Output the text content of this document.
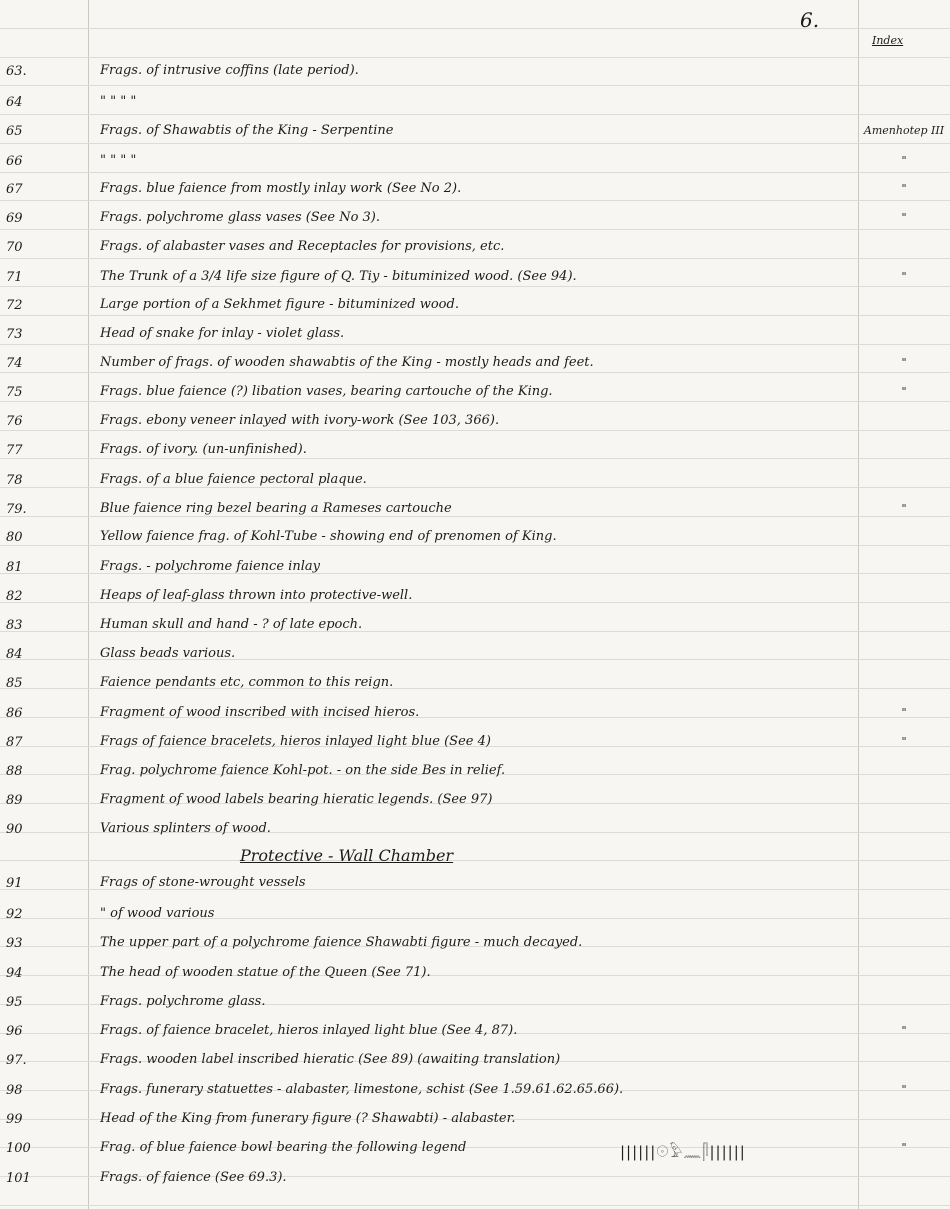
6.
Index
63.	Frags. of intrusive coffins (late period).
64	" " " "
65	Frags. of Shawabtis of the King - Serpentine	Amenhotep III
66	" " " "	"
67	Frags. blue faience from mostly inlay work (See No 2).	"
69	Frags. polychrome glass vases (See No 3).	"
70	Frags. of alabaster vases and Receptacles for provisions, etc.
71	The Trunk of a 3/4 life size figure of Q. Tiy - bituminized wood. (See 94).	"
72	Large portion of a Sekhmet figure - bituminized wood.
73	Head of snake for inlay - violet glass.
74	Number of frags. of wooden shawabtis of the King - mostly heads and feet.	"
75	Frags. blue faience (?) libation vases, bearing cartouche of the King.	"
76	Frags. ebony veneer inlayed with ivory-work (See 103, 366).
77	Frags. of ivory. (un-unfinished).
78	Frags. of a blue faience pectoral plaque.
79.	Blue faience ring bezel bearing a Rameses cartouche	"
80	Yellow faience frag. of Kohl-Tube - showing end of prenomen of King.
81	Frags. - polychrome faience inlay
82	Heaps of leaf-glass thrown into protective-well.
83	Human skull and hand - ? of late epoch.
84	Glass beads various.
85	Faience pendants etc, common to this reign.
86	Fragment of wood inscribed with incised hieros.	"
87	Frags of faience bracelets, hieros inlayed light blue (See 4)	"
88	Frag. polychrome faience Kohl-pot. - on the side Bes in relief.
89	Fragment of wood labels bearing hieratic legends. (See 97)
90	Various splinters of wood.
91	Frags of stone-wrought vessels
92	" of wood various
93	The upper part of a polychrome faience Shawabti figure - much decayed.
94	The head of wooden statue of the Queen (See 71).
95	Frags. polychrome glass.
96	Frags. of faience bracelet, hieros inlayed light blue (See 4, 87).	"
97.	Frags. wooden label inscribed hieratic (See 89) (awaiting translation)
98	Frags. funerary statuettes - alabaster, limestone, schist (See 1.59.61.62.65.66).	"
99	Head of the King from funerary figure (? Shawabti) - alabaster.
100	Frag. of blue faience bowl bearing the following legend	"
101	Frags. of faience (See 69.3).
Protective - Wall Chamber
||||||𓇳𓅱𓈖𓋴||||||
